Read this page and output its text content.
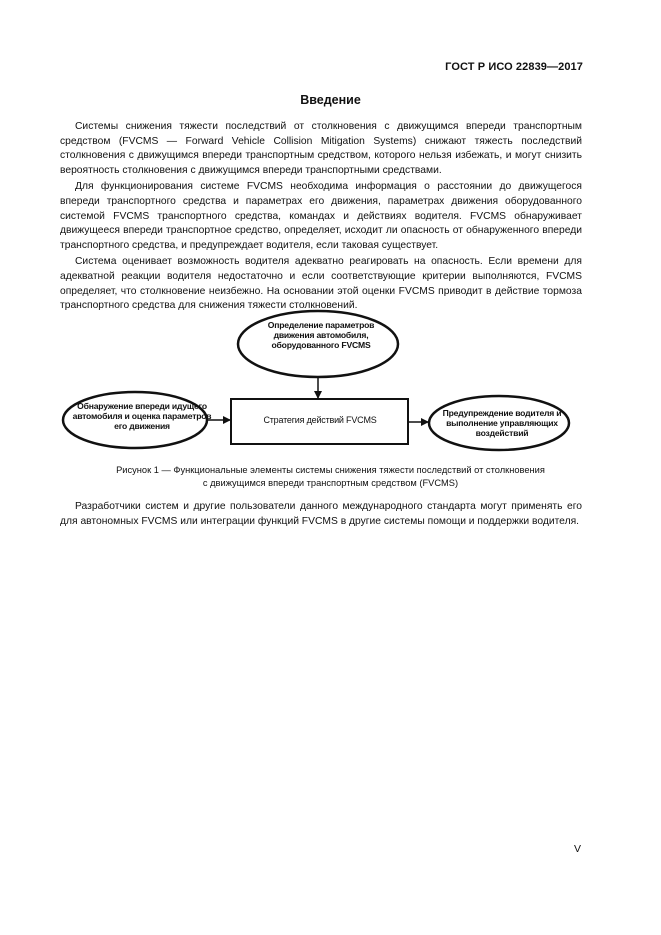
ГОСТ Р ИСО 22839—2017
Введение

Системы снижения тяжести последствий от столкновения с движущимся впереди транспортным средством (FVCMS — Forward Vehicle Collision Mitigation Systems) снижают тяжесть последствий столкновения с движущимся впереди транспортным средством, которого нельзя избежать, и могут снизить вероятность столкновения с движущимся впереди транспортными средствами.

Для функционирования системе FVCMS необходима информация о расстоянии до движущегося впереди транспортного средства и параметрах его движения, параметрах движения оборудованного системой FVCMS транспортного средства, командах и действиях водителя. FVCMS обнаруживает движущееся впереди транспортное средство, определяет, исходит ли опасность от обнаруженного впереди транспортного средства, и предупреждает водителя, если таковая существует.

Система оценивает возможность водителя адекватно реагировать на опасность. Если времени для адекватной реакции водителя недостаточно и если соответствующие критерии выполняются, FVCMS определяет, что столкновение неизбежно. На основании этой оценки FVCMS приводит в действие тормоза транспортного средства для снижения тяжести столкновений.

Определение параметров движения автомобиля, оборудованного FVCMS
Обнаружение впереди идущего автомобиля и оценка параметров его движения
Стратегия действий FVCMS
Предупреждение водителя и выполнение управляющих воздействий
Рисунок 1 — Функциональные элементы системы снижения тяжести последствий от столкновения
с движущимся впереди транспортным средством (FVCMS)

Разработчики систем и другие пользователи данного международного стандарта могут применять его для автономных FVCMS или интеграции функций FVCMS в другие системы помощи и поддержки водителя.

V
